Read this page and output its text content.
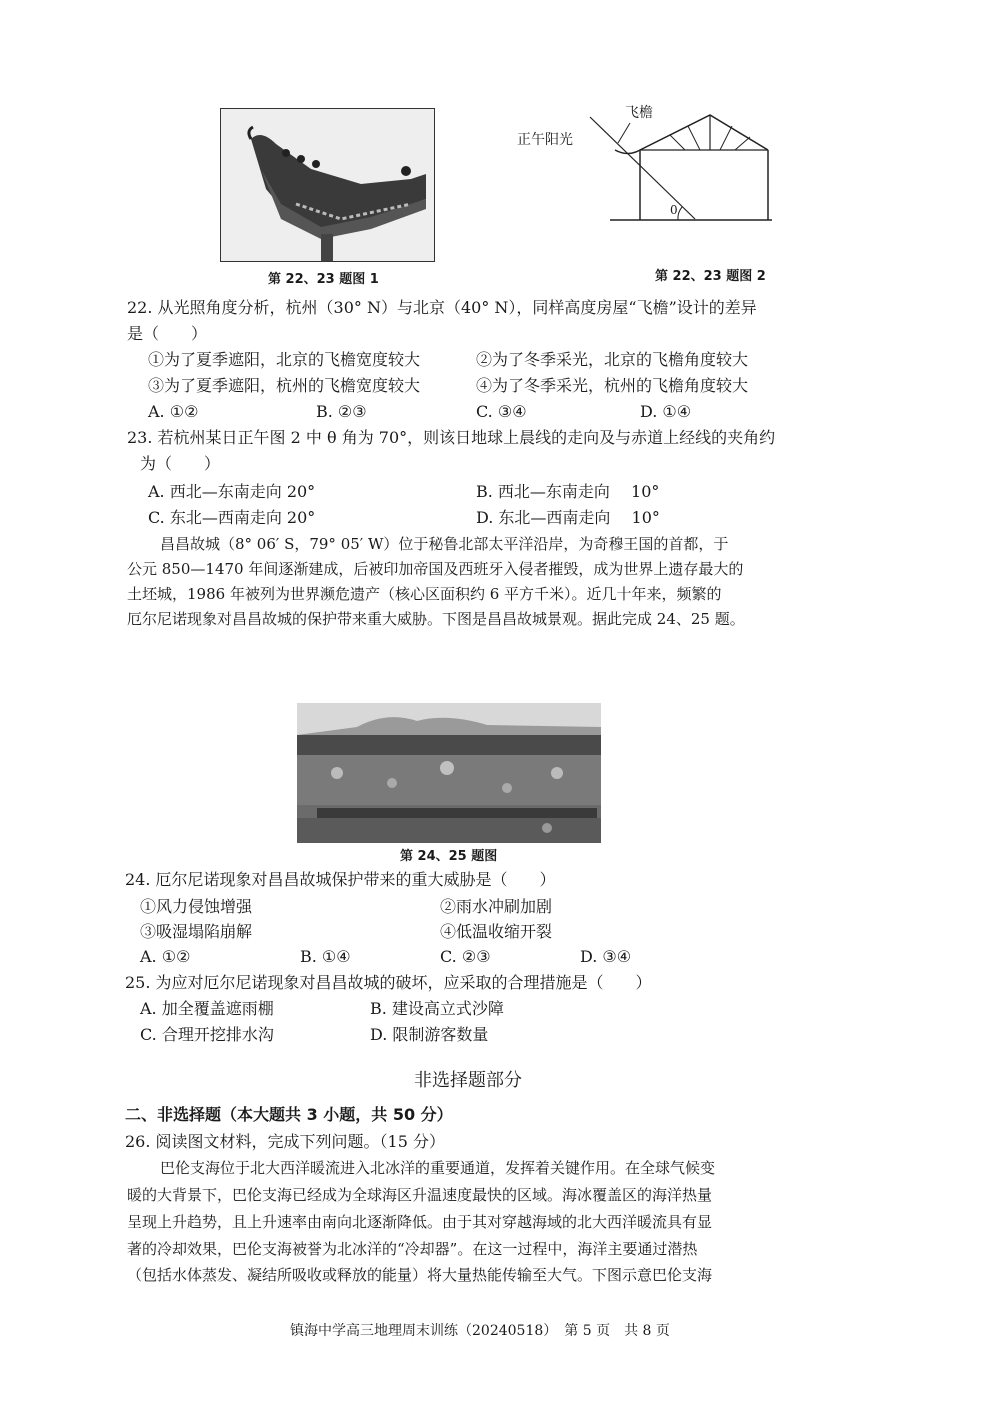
第 22、23 题图 1
飞檐
正午阳光
0
第 22、23 题图 2
22. 从光照角度分析，杭州（30° N）与北京（40° N），同样高度房屋“飞檐”设计的差异
是（　　）
①为了夏季遮阳，北京的飞檐宽度较大	②为了冬季采光，北京的飞檐角度较大
③为了夏季遮阳，杭州的飞檐宽度较大	④为了冬季采光，杭州的飞檐角度较大
A. ①②	B. ②③	C. ③④	D. ①④
23. 若杭州某日正午图 2 中 θ 角为 70°，则该日地球上晨线的走向及与赤道上经线的夹角约
为（　　）
A. 西北—东南走向 20°	B. 西北—东南走向　 10°
C. 东北—西南走向 20°	D. 东北—西南走向　 10°
昌昌故城（8° 06′ S，79° 05′ W）位于秘鲁北部太平洋沿岸，为奇穆王国的首都，于
公元 850—1470 年间逐渐建成，后被印加帝国及西班牙入侵者摧毁，成为世界上遗存最大的
土坯城，1986 年被列为世界濒危遗产（核心区面积约 6 平方千米）。近几十年来，频繁的
厄尔尼诺现象对昌昌故城的保护带来重大威胁。下图是昌昌故城景观。据此完成 24、25 题。
第 24、25 题图
24. 厄尔尼诺现象对昌昌故城保护带来的重大威胁是（　　）
①风力侵蚀增强	②雨水冲刷加剧
③吸湿塌陷崩解	④低温收缩开裂
A. ①②	B. ①④	C. ②③	D. ③④
25. 为应对厄尔尼诺现象对昌昌故城的破坏，应采取的合理措施是（　　）
A. 加全覆盖遮雨棚	B. 建设高立式沙障
C. 合理开挖排水沟	D. 限制游客数量
非选择题部分
二、非选择题（本大题共 3 小题，共 50 分）
26. 阅读图文材料，完成下列问题。（15 分）
巴伦支海位于北大西洋暖流进入北冰洋的重要通道，发挥着关键作用。在全球气候变
暖的大背景下，巴伦支海已经成为全球海区升温速度最快的区域。海冰覆盖区的海洋热量
呈现上升趋势，且上升速率由南向北逐渐降低。由于其对穿越海域的北大西洋暖流具有显
著的冷却效果，巴伦支海被誉为北冰洋的“冷却器”。在这一过程中，海洋主要通过潜热
（包括水体蒸发、凝结所吸收或释放的能量）将大量热能传输至大气。下图示意巴伦支海
镇海中学高三地理周末训练（20240518）　第 5 页　共 8 页
